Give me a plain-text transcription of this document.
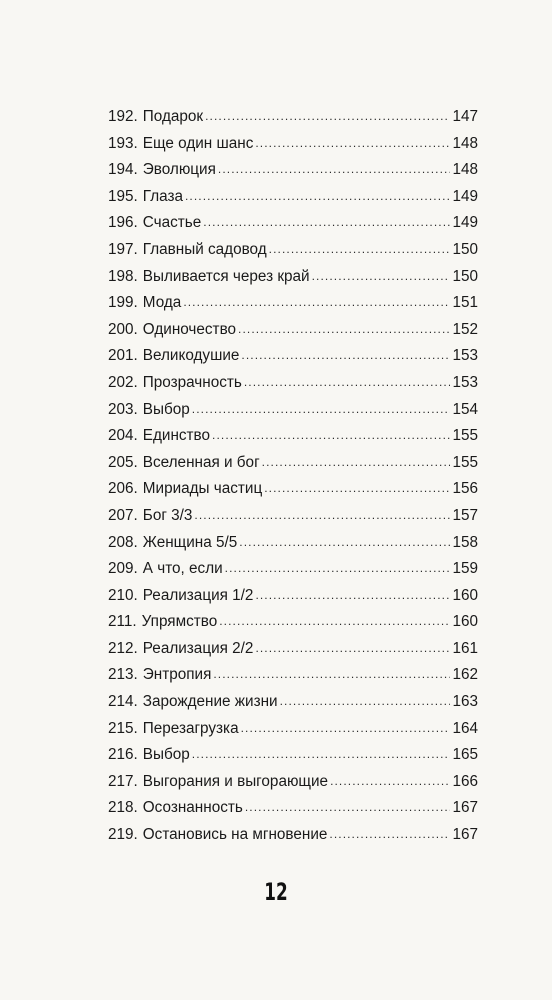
192. Подарок .....	147
193. Еще один шанс .....	148
194. Эволюция .....	148
195. Глаза .....	149
196. Счастье .....	149
197. Главный садовод .....	150
198. Выливается через край .....	150
199. Мода .....	151
200. Одиночество .....	152
201. Великодушие .....	153
202. Прозрачность .....	153
203. Выбор .....	154
204. Единство .....	155
205. Вселенная и бог .....	155
206. Мириады частиц .....	156
207. Бог 3/3 .....	157
208. Женщина 5/5 .....	158
209. А что, если .....	159
210. Реализация 1/2 .....	160
211. Упрямство .....	160
212. Реализация 2/2 .....	161
213. Энтропия .....	162
214. Зарождение жизни .....	163
215. Перезагрузка .....	164
216. Выбор .....	165
217. Выгорания и выгорающие .....	166
218. Осознанность .....	167
219. Остановись на мгновение .....	167
12
